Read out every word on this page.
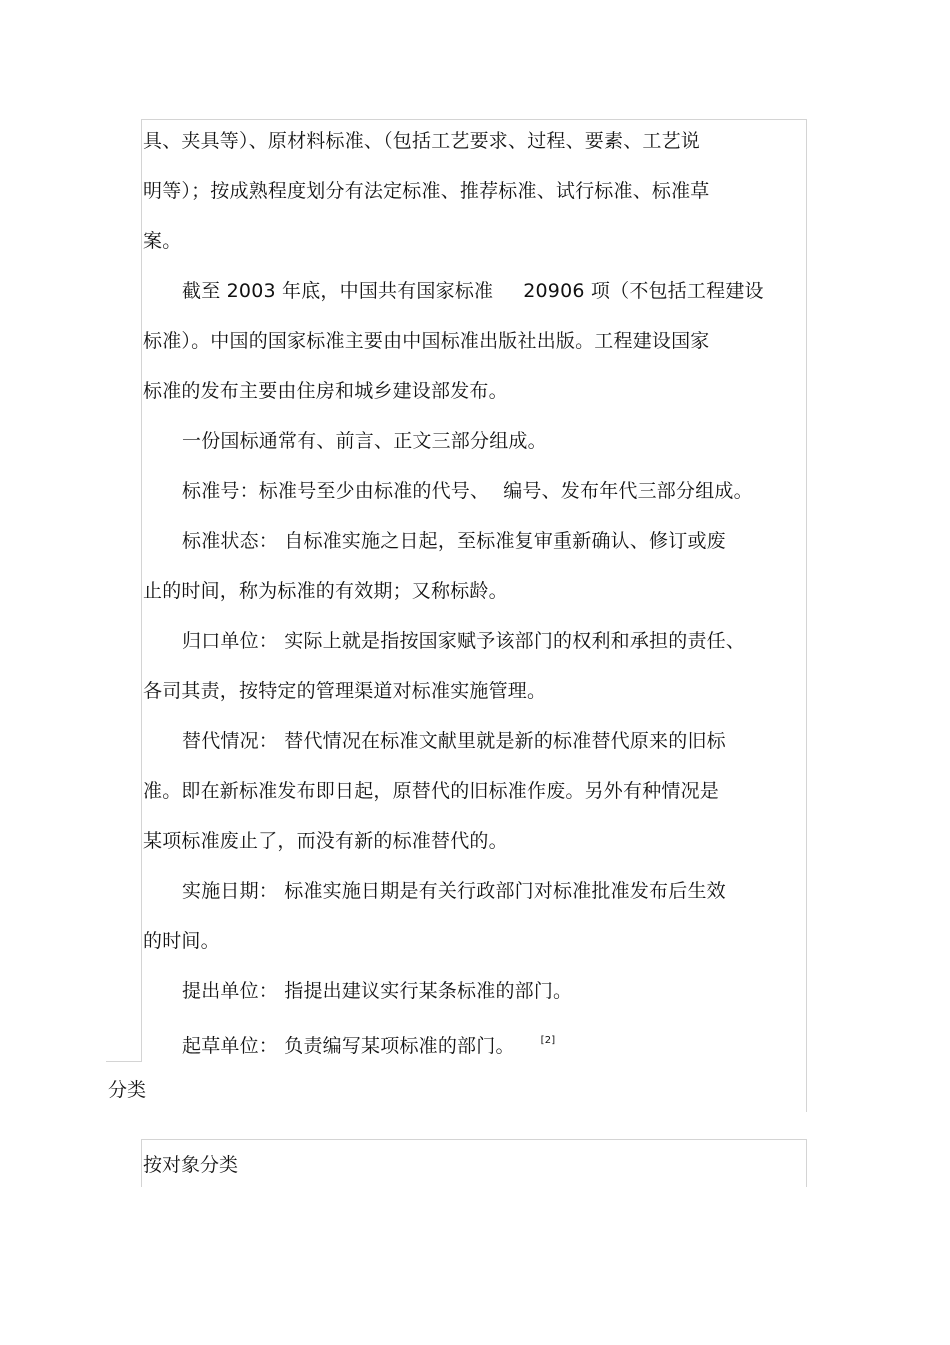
具、夹具等）、原材料标准、（包括工艺要求、过程、要素、工艺说
明等）；按成熟程度划分有法定标准、推荐标准、试行标准、标准草
案。
截至 2003 年底，中国共有国家标准 20906 项（不包括工程建设
标准）。中国的国家标准主要由中国标准出版社出版。工程建设国家
标准的发布主要由住房和城乡建设部发布。
一份国标通常有、前言、正文三部分组成。
标准号：标准号至少由标准的代号、 编号、发布年代三部分组成。
标准状态： 自标准实施之日起，至标准复审重新确认、修订或废
止的时间，称为标准的有效期；又称标龄。
归口单位： 实际上就是指按国家赋予该部门的权利和承担的责任、
各司其责，按特定的管理渠道对标准实施管理。
替代情况： 替代情况在标准文献里就是新的标准替代原来的旧标
准。即在新标准发布即日起，原替代的旧标准作废。另外有种情况是
某项标准废止了，而没有新的标准替代的。
实施日期： 标准实施日期是有关行政部门对标准批准发布后生效
的时间。
提出单位： 指提出建议实行某条标准的部门。
起草单位： 负责编写某项标准的部门。	[2]
分类
按对象分类
